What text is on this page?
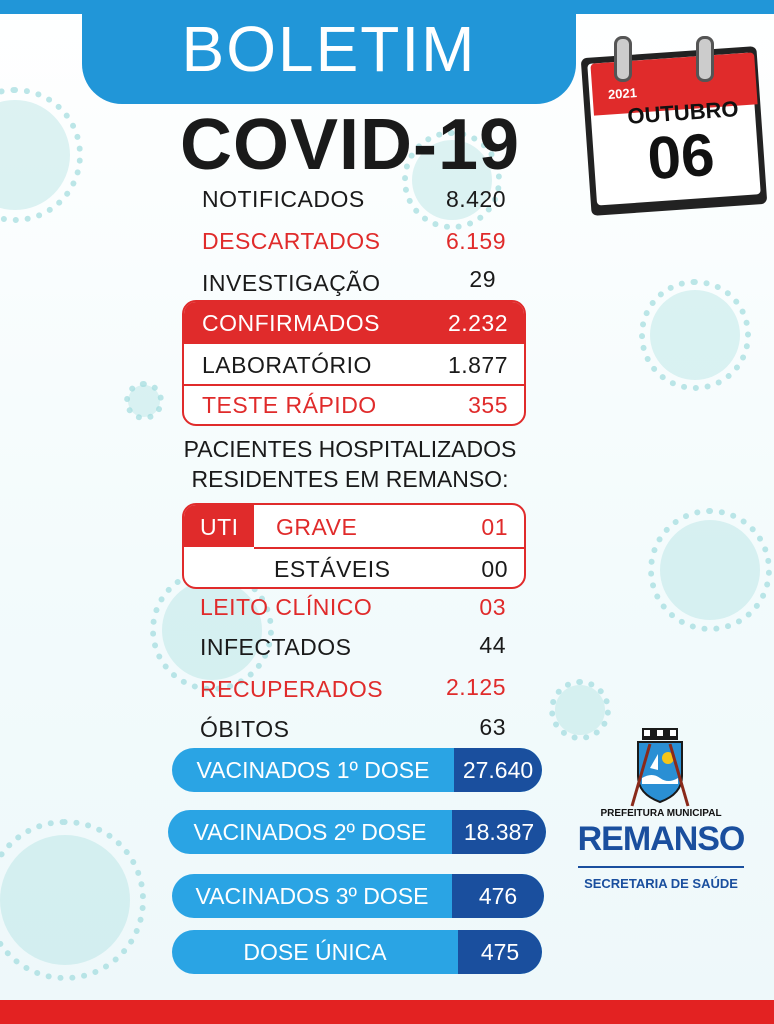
BOLETIM
COVID-19
2021
OUTUBRO
06
NOTIFICADOS	8.420
DESCARTADOS	6.159
INVESTIGAÇÃO	29
CONFIRMADOS	2.232
LABORATÓRIO	1.877
TESTE RÁPIDO	355
PACIENTES HOSPITALIZADOS
RESIDENTES EM REMANSO:
UTI GRAVE	01
ESTÁVEIS	00
LEITO CLÍNICO	03
INFECTADOS	44
RECUPERADOS	2.125
ÓBITOS	63
VACINADOS 1º DOSE	27.640
VACINADOS 2º DOSE	18.387
VACINADOS 3º DOSE	476
DOSE ÚNICA	475
PREFEITURA MUNICIPAL
REMANSO
SECRETARIA DE SAÚDE
